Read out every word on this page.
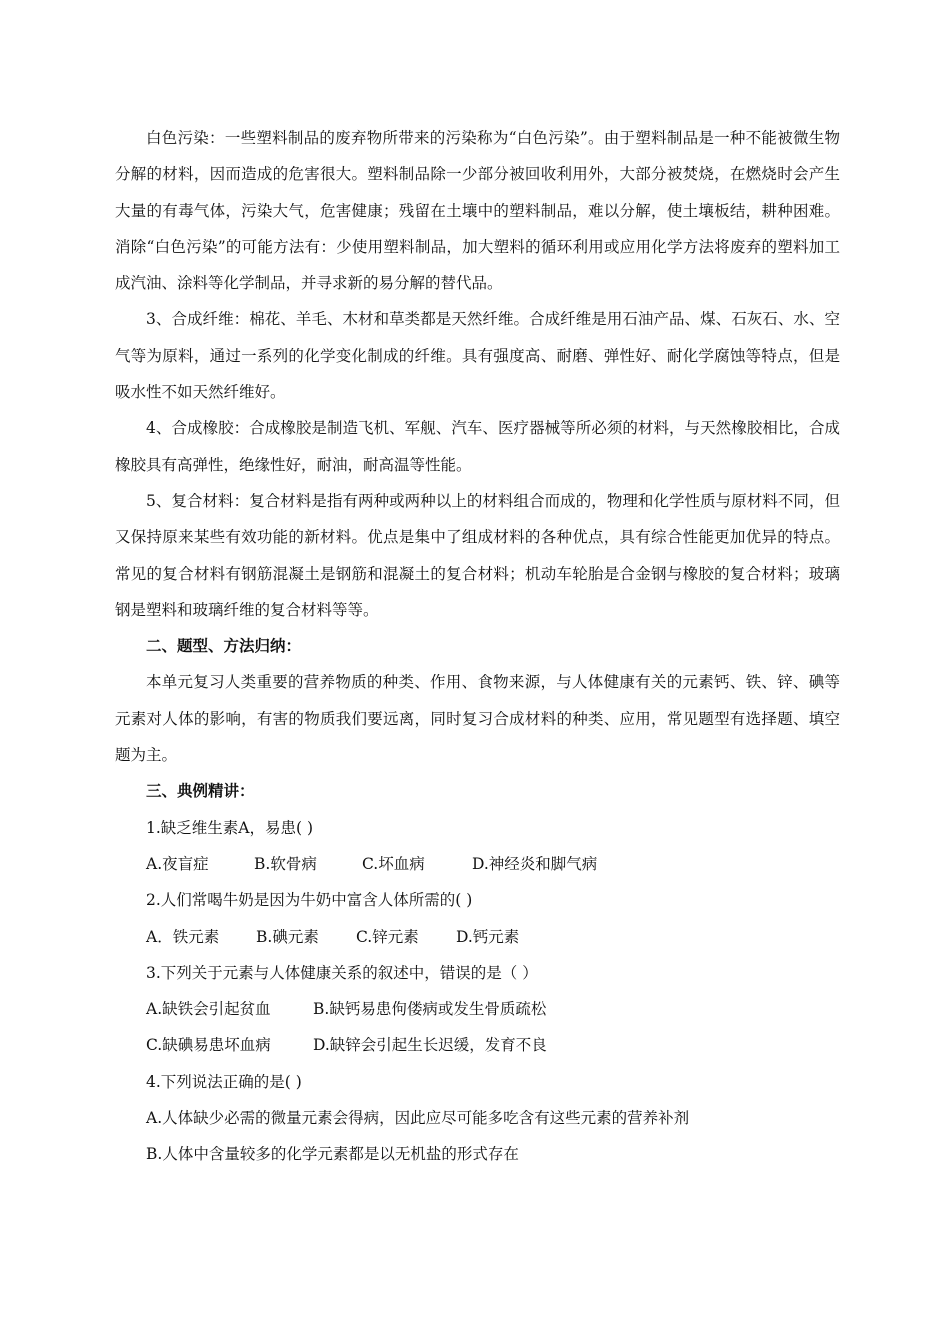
白色污染：一些塑料制品的废弃物所带来的污染称为“白色污染”。由于塑料制品是一种不能被微生物分解的材料，因而造成的危害很大。塑料制品除一少部分被回收利用外，大部分被焚烧，在燃烧时会产生大量的有毒气体，污染大气，危害健康；残留在土壤中的塑料制品，难以分解，使土壤板结，耕种困难。消除“白色污染”的可能方法有：少使用塑料制品，加大塑料的循环利用或应用化学方法将废弃的塑料加工成汽油、涂料等化学制品，并寻求新的易分解的替代品。

3、合成纤维：棉花、羊毛、木材和草类都是天然纤维。合成纤维是用石油产品、煤、石灰石、水、空气等为原料，通过一系列的化学变化制成的纤维。具有强度高、耐磨、弹性好、耐化学腐蚀等特点，但是吸水性不如天然纤维好。

4、合成橡胶：合成橡胶是制造飞机、军舰、汽车、医疗器械等所必须的材料，与天然橡胶相比，合成橡胶具有高弹性，绝缘性好，耐油，耐高温等性能。

5、复合材料：复合材料是指有两种或两种以上的材料组合而成的，物理和化学性质与原材料不同，但又保持原来某些有效功能的新材料。优点是集中了组成材料的各种优点，具有综合性能更加优异的特点。常见的复合材料有钢筋混凝土是钢筋和混凝土的复合材料；机动车轮胎是合金钢与橡胶的复合材料；玻璃钢是塑料和玻璃纤维的复合材料等等。

二、题型、方法归纳：

本单元复习人类重要的营养物质的种类、作用、食物来源，与人体健康有关的元素钙、铁、锌、碘等元素对人体的影响，有害的物质我们要远离，同时复习合成材料的种类、应用，常见题型有选择题、填空题为主。

三、典例精讲：

1.缺乏维生素A，易患( )

A.夜盲症	B.软骨病	C.坏血病	D.神经炎和脚气病

2.人们常喝牛奶是因为牛奶中富含人体所需的( )

A．铁元素	B.碘元素	C.锌元素	D.钙元素

3.下列关于元素与人体健康关系的叙述中，错误的是（ ）

A.缺铁会引起贫血	B.缺钙易患佝偻病或发生骨质疏松
C.缺碘易患坏血病	D.缺锌会引起生长迟缓，发育不良

4.下列说法正确的是( )

A.人体缺少必需的微量元素会得病，因此应尽可能多吃含有这些元素的营养补剂

B.人体中含量较多的化学元素都是以无机盐的形式存在
